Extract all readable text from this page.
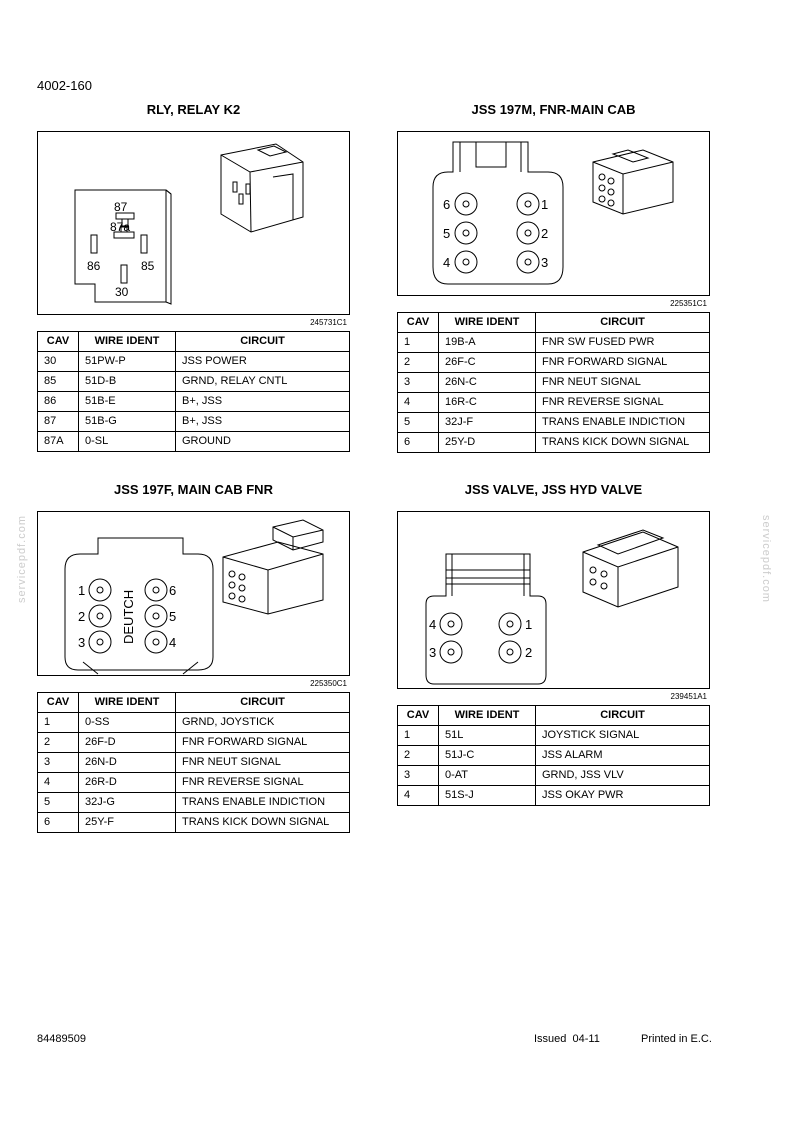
4002-160
servicepdf.com	servicepdf.com
RLY, RELAY K2
87
87a
86	85
30
245731C1
CAV	WIRE IDENT	CIRCUIT
30	51PW-P	JSS POWER
85	51D-B	GRND, RELAY CNTL
86	51B-E	B+, JSS
87	51B-G	B+, JSS
87A	0-SL	GROUND
JSS 197M, FNR-MAIN CAB
6
5
4
1
2
3
225351C1
CAV	WIRE IDENT	CIRCUIT
1	19B-A	FNR SW FUSED PWR
2	26F-C	FNR FORWARD SIGNAL
3	26N-C	FNR NEUT SIGNAL
4	16R-C	FNR REVERSE SIGNAL
5	32J-F	TRANS ENABLE INDICTION
6	25Y-D	TRANS KICK DOWN SIGNAL
JSS 197F, MAIN CAB FNR
1
2
3
6
5
4
DEUTCH
225350C1
CAV	WIRE IDENT	CIRCUIT
1	0-SS	GRND, JOYSTICK
2	26F-D	FNR FORWARD SIGNAL
3	26N-D	FNR NEUT SIGNAL
4	26R-D	FNR REVERSE SIGNAL
5	32J-G	TRANS ENABLE INDICTION
6	25Y-F	TRANS KICK DOWN SIGNAL
JSS VALVE, JSS HYD VALVE
4
3
1
2
239451A1
CAV	WIRE IDENT	CIRCUIT
1	51L	JOYSTICK SIGNAL
2	51J-C	JSS ALARM
3	0-AT	GRND, JSS VLV
4	51S-J	JSS OKAY PWR
84489509	Issued  04-11	Printed in E.C.
